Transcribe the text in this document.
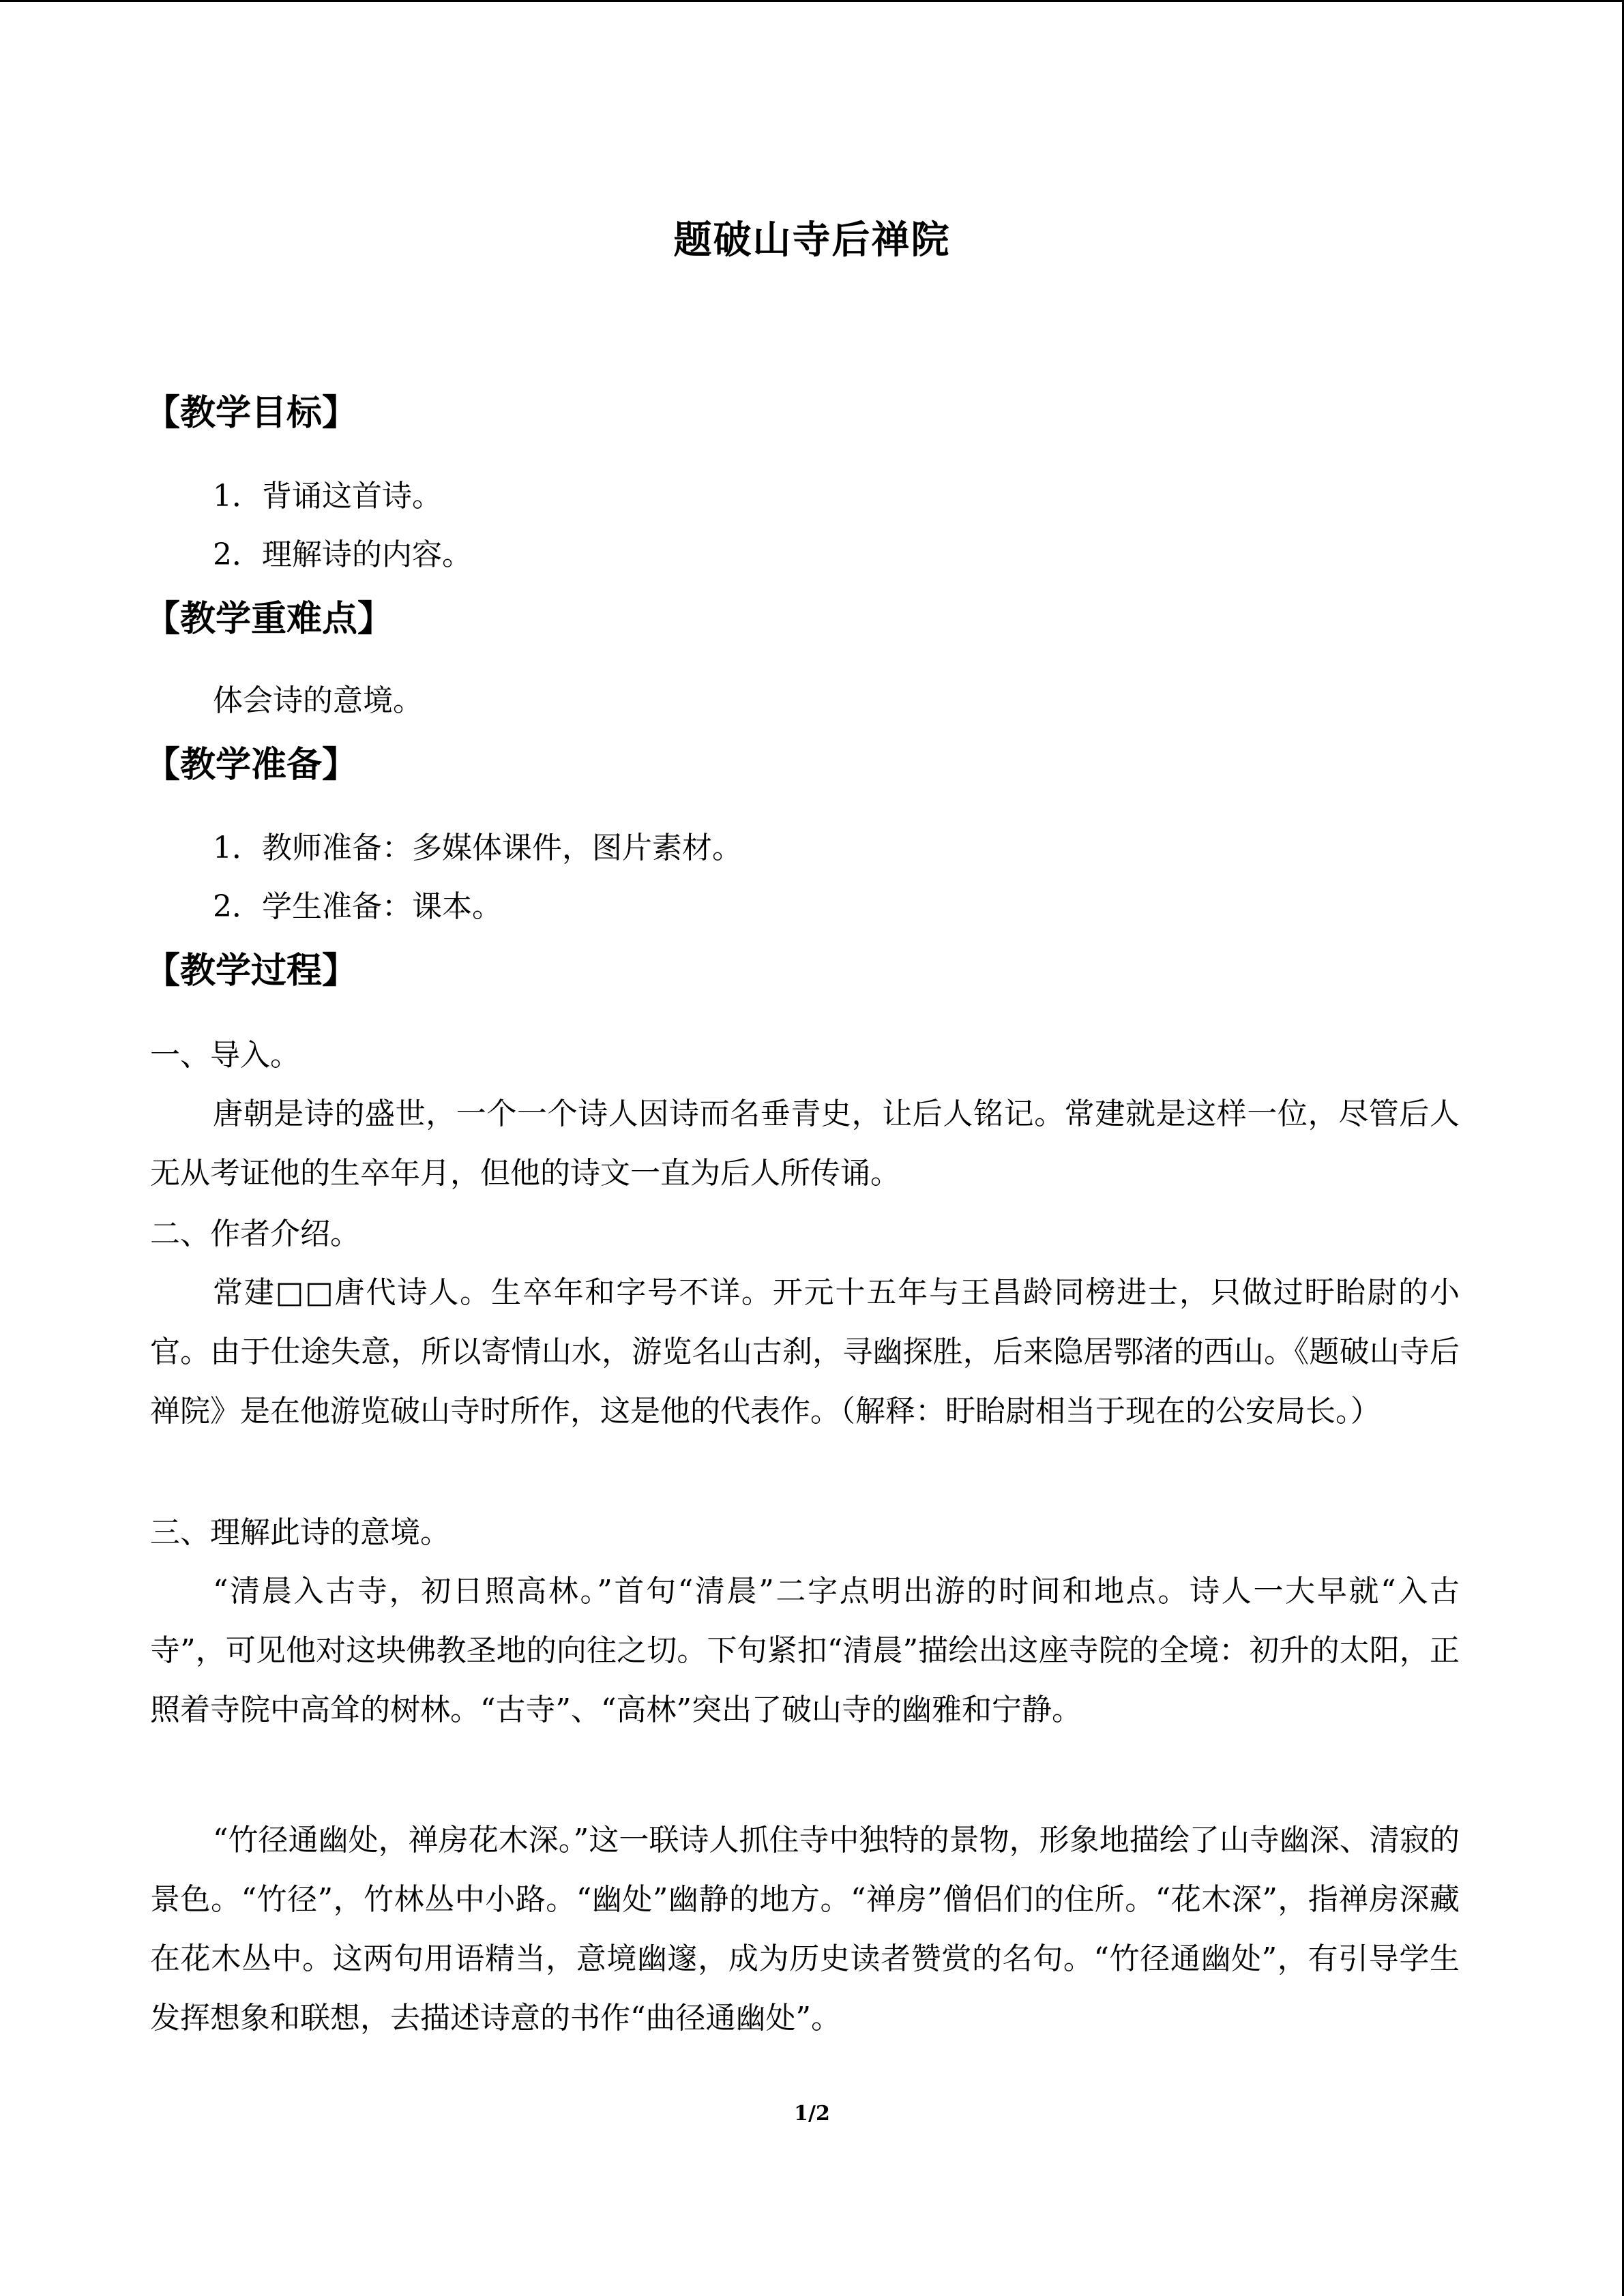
题破山寺后禅院
【教学目标】
1．背诵这首诗。
2．理解诗的内容。
【教学重难点】
体会诗的意境。
【教学准备】
1．教师准备：多媒体课件，图片素材。
2．学生准备：课本。
【教学过程】
一、导入。

唐朝是诗的盛世，一个一个诗人因诗而名垂青史，让后人铭记。常建就是这样一位，尽管后人无从考证他的生卒年月，但他的诗文一直为后人所传诵。

二、作者介绍。

常建□□唐代诗人。生卒年和字号不详。开元十五年与王昌龄同榜进士，只做过盱眙尉的小官。由于仕途失意，所以寄情山水，游览名山古刹，寻幽探胜，后来隐居鄂渚的西山。《题破山寺后禅院》是在他游览破山寺时所作，这是他的代表作。（解释：盱眙尉相当于现在的公安局长。）

三、理解此诗的意境。

“清晨入古寺，初日照高林。”首句“清晨”二字点明出游的时间和地点。诗人一大早就“入古寺”，可见他对这块佛教圣地的向往之切。下句紧扣“清晨”描绘出这座寺院的全境：初升的太阳，正照着寺院中高耸的树林。“古寺”、“高林”突出了破山寺的幽雅和宁静。

“竹径通幽处，禅房花木深。”这一联诗人抓住寺中独特的景物，形象地描绘了山寺幽深、清寂的景色。“竹径”，竹林丛中小路。“幽处”幽静的地方。“禅房”僧侣们的住所。“花木深”，指禅房深藏在花木丛中。这两句用语精当，意境幽邃，成为历史读者赞赏的名句。“竹径通幽处”，有引导学生发挥想象和联想，去描述诗意的书作“曲径通幽处”。

1/2
